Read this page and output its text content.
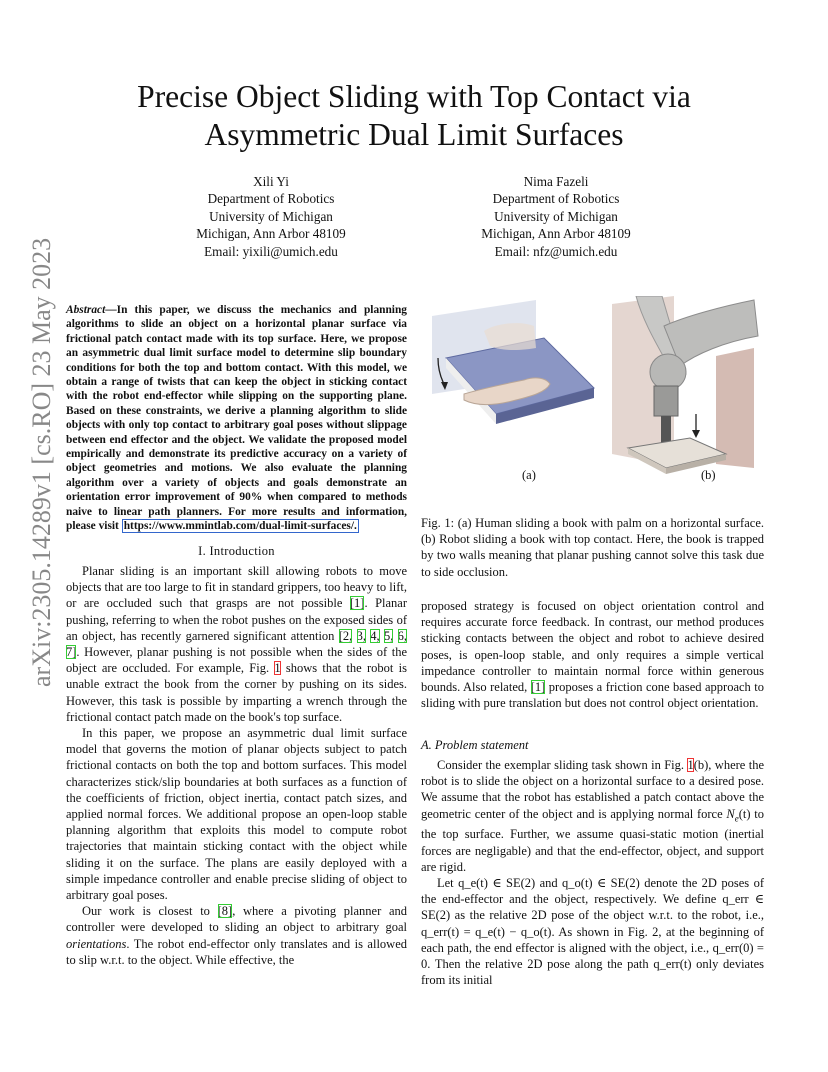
Precise Object Sliding with Top Contact via Asymmetric Dual Limit Surfaces
Xili Yi
Department of Robotics
University of Michigan
Michigan, Ann Arbor 48109
Email: yixili@umich.edu
Nima Fazeli
Department of Robotics
University of Michigan
Michigan, Ann Arbor 48109
Email: nfz@umich.edu
arXiv:2305.14289v1 [cs.RO] 23 May 2023 Abstract—In this paper, we discuss the mechanics and planning algorithms to slide an object on a horizontal planar surface via frictional patch contact made with its top surface. Here, we propose an asymmetric dual limit surface model to determine slip boundary conditions for both the top and bottom contact. With this model, we obtain a range of twists that can keep the object in sticking contact with the robot end-effector while slipping on the supporting plane. Based on these constraints, we derive a planning algorithm to slide objects with only top contact to arbitrary goal poses without slippage between end effector and the object. We validate the proposed model empirically and demonstrate its predictive accuracy on a variety of object geometries and motions. We also evaluate the planning algorithm over a variety of objects and goals demonstrate an orientation error improvement of 90% when compared to methods naive to linear path planners. For more results and information, please visit https://www.mmintlab.com/dual-limit-surfaces/.
I. Introduction

Planar sliding is an important skill allowing robots to move objects that are too large to fit in standard grippers, too heavy to lift, or are occluded such that grasps are not possible [1]. Planar pushing, referring to when the robot pushes on the exposed sides of an object, has recently garnered significant attention [2, 3, 4, 5, 6, 7]. However, planar pushing is not possible when the sides of the object are occluded. For example, Fig. 1 shows that the robot is unable extract the book from the corner by pushing on its sides. However, this task is possible by imparting a wrench through the frictional contact patch made on the book's top surface.

In this paper, we propose an asymmetric dual limit surface model that governs the motion of planar objects subject to patch frictional contacts on both the top and bottom surfaces. This model characterizes stick/slip boundaries at both surfaces as a function of the coefficients of friction, object inertia, contact patch sizes, and applied normal forces. We additional propose an open-loop stable planning algorithm that exploits this model to compute robot trajectories that maintain sticking contact with the object while sliding it on the surface. The plans are easily deployed with a simple impedance controller and enable precise sliding of object to arbitrary goal poses.

Our work is closest to [8], where a pivoting planner and controller were developed to sliding an object to arbitrary goal orientations. The robot end-effector only translates and is allowed to slip w.r.t. to the object. While effective, the

(a)	(b)
Fig. 1: (a) Human sliding a book with palm on a horizontal surface. (b) Robot sliding a book with top contact. Here, the book is trapped by two walls meaning that planar pushing cannot solve this task due to side occlusion.

proposed strategy is focused on object orientation control and requires accurate force feedback. In contrast, our method produces sticking contacts between the object and robot to achieve desired poses, is open-loop stable, and only requires a simple vertical impedance controller to maintain normal force within generous bounds. Also related, [1] proposes a friction cone based approach to sliding with pure translation but does not control object orientation.

A. Problem statement

Consider the exemplar sliding task shown in Fig. 1(b), where the robot is to slide the object on a horizontal surface to a desired pose. We assume that the robot has established a patch contact above the geometric center of the object and is applying normal force $N_e(t)$ to the top surface. Further, we assume quasi-static motion (inertial forces are negligable) and that the end-effector, object, and support are rigid.

Let q_e(t) ∈ SE(2) and q_o(t) ∈ SE(2) denote the 2D poses of the end-effector and the object, respectively. We define q_err ∈ SE(2) as the relative 2D pose of the object w.r.t. to the robot, i.e., q_err(t) = q_e(t) − q_o(t). As shown in Fig. 2, at the beginning of each path, the end effector is aligned with the object, i.e., q_err(0) = 0. Then the relative 2D pose along the path q_err(t) only deviates from its initial
